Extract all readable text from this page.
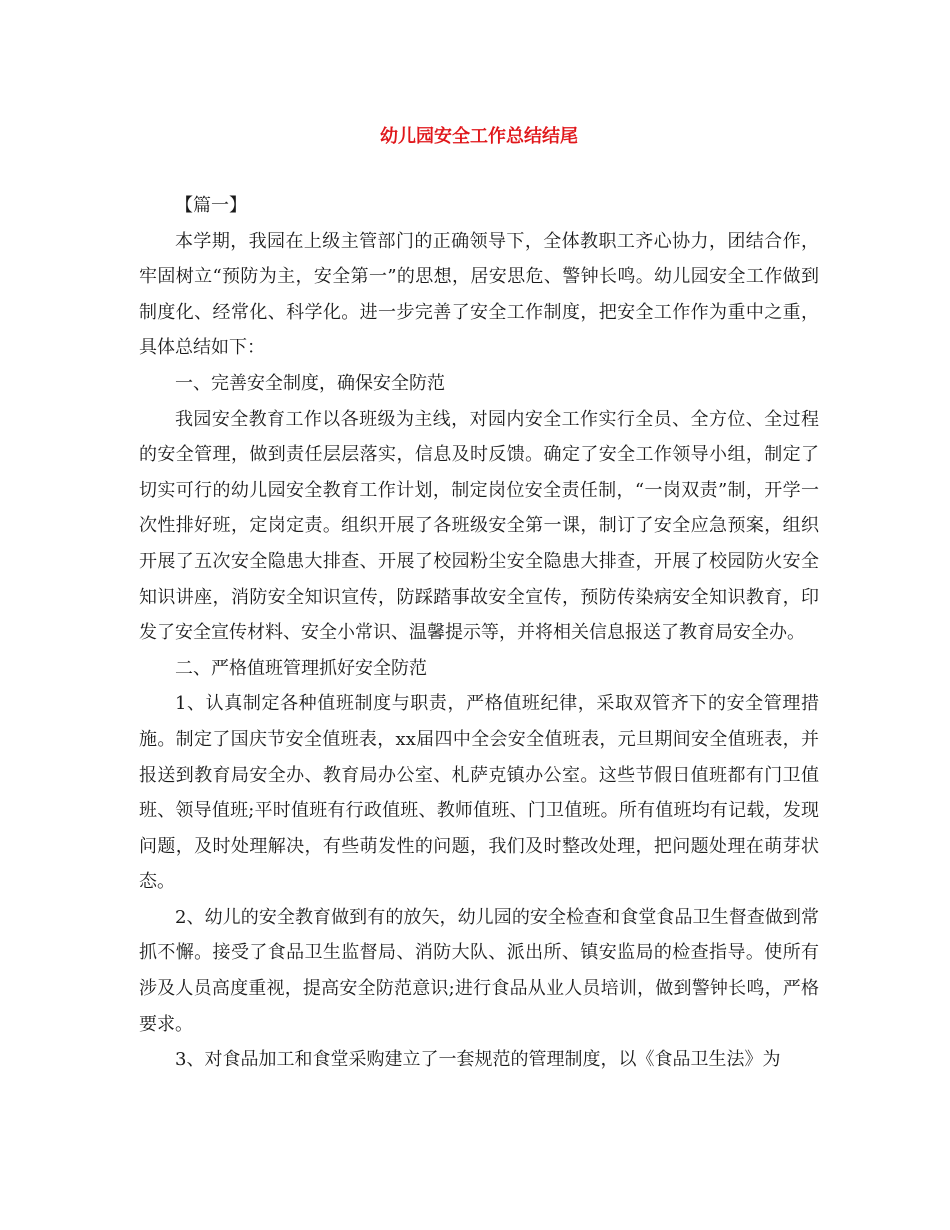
幼儿园安全工作总结结尾

【篇一】

本学期，我园在上级主管部门的正确领导下，全体教职工齐心协力，团结合作，牢固树立“预防为主，安全第一”的思想，居安思危、警钟长鸣。幼儿园安全工作做到制度化、经常化、科学化。进一步完善了安全工作制度，把安全工作作为重中之重，具体总结如下：

一、完善安全制度，确保安全防范

我园安全教育工作以各班级为主线，对园内安全工作实行全员、全方位、全过程的安全管理，做到责任层层落实，信息及时反馈。确定了安全工作领导小组，制定了切实可行的幼儿园安全教育工作计划，制定岗位安全责任制，“一岗双责”制，开学一次性排好班，定岗定责。组织开展了各班级安全第一课，制订了安全应急预案，组织开展了五次安全隐患大排查、开展了校园粉尘安全隐患大排查，开展了校园防火安全知识讲座，消防安全知识宣传，防踩踏事故安全宣传，预防传染病安全知识教育，印发了安全宣传材料、安全小常识、温馨提示等，并将相关信息报送了教育局安全办。

二、严格值班管理抓好安全防范

1、认真制定各种值班制度与职责，严格值班纪律，采取双管齐下的安全管理措施。制定了国庆节安全值班表，xx届四中全会安全值班表，元旦期间安全值班表，并报送到教育局安全办、教育局办公室、札萨克镇办公室。这些节假日值班都有门卫值班、领导值班;平时值班有行政值班、教师值班、门卫值班。所有值班均有记载，发现问题，及时处理解决，有些萌发性的问题，我们及时整改处理，把问题处理在萌芽状态。

2、幼儿的安全教育做到有的放矢，幼儿园的安全检查和食堂食品卫生督查做到常抓不懈。接受了食品卫生监督局、消防大队、派出所、镇安监局的检查指导。使所有涉及人员高度重视，提高安全防范意识;进行食品从业人员培训，做到警钟长鸣，严格要求。

3、对食品加工和食堂采购建立了一套规范的管理制度，以《食品卫生法》为
